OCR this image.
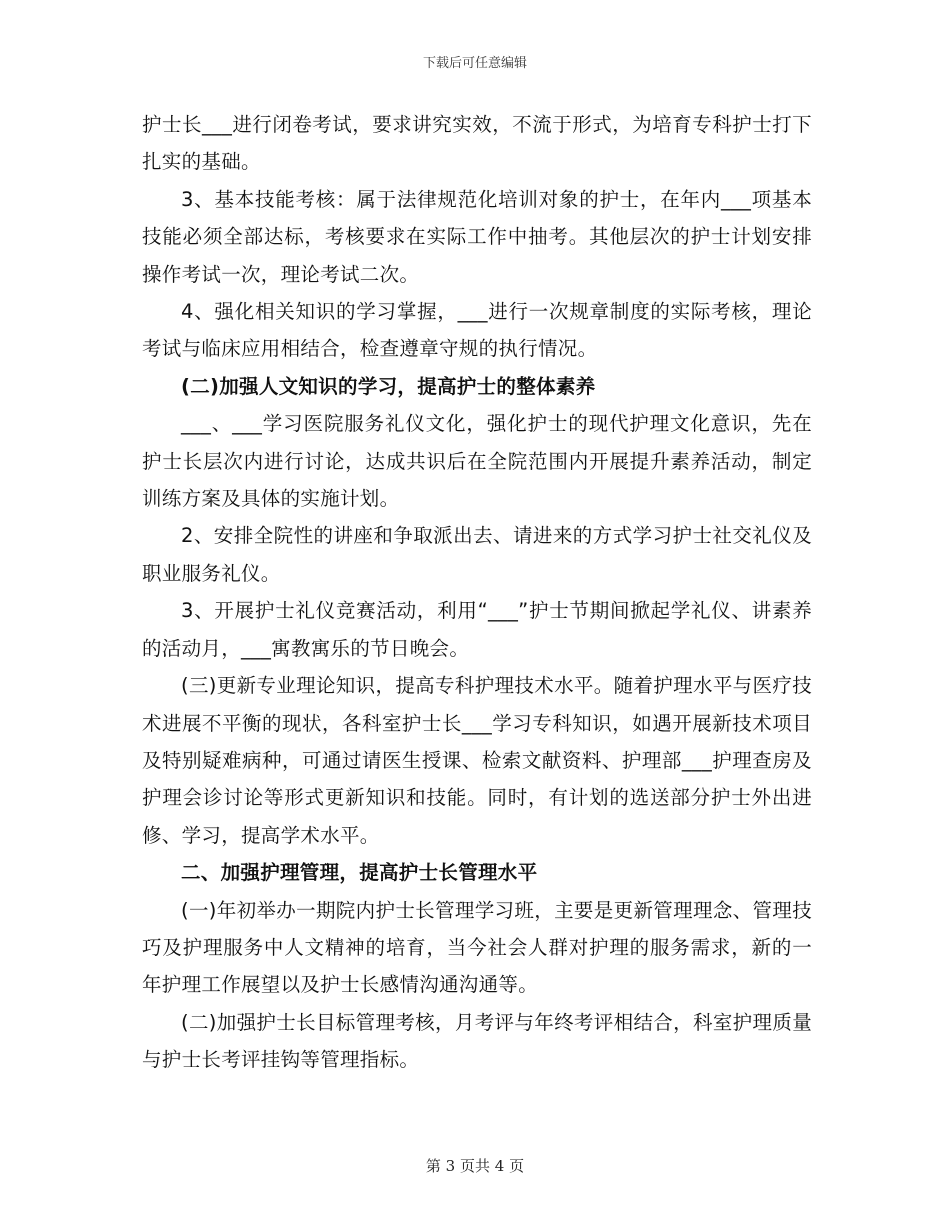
下载后可任意编辑

护士长___进行闭卷考试，要求讲究实效，不流于形式，为培育专科护士打下扎实的基础。

3、基本技能考核：属于法律规范化培训对象的护士，在年内___项基本技能必须全部达标，考核要求在实际工作中抽考。其他层次的护士计划安排操作考试一次，理论考试二次。

4、强化相关知识的学习掌握，___进行一次规章制度的实际考核，理论考试与临床应用相结合，检查遵章守规的执行情况。

(二)加强人文知识的学习，提高护士的整体素养

___、___学习医院服务礼仪文化，强化护士的现代护理文化意识，先在护士长层次内进行讨论，达成共识后在全院范围内开展提升素养活动，制定训练方案及具体的实施计划。

2、安排全院性的讲座和争取派出去、请进来的方式学习护士社交礼仪及职业服务礼仪。

3、开展护士礼仪竞赛活动，利用“___”护士节期间掀起学礼仪、讲素养的活动月，___寓教寓乐的节日晚会。

(三)更新专业理论知识，提高专科护理技术水平。随着护理水平与医疗技术进展不平衡的现状，各科室护士长___学习专科知识，如遇开展新技术项目及特别疑难病种，可通过请医生授课、检索文献资料、护理部___护理查房及护理会诊讨论等形式更新知识和技能。同时，有计划的选送部分护士外出进修、学习，提高学术水平。

二、加强护理管理，提高护士长管理水平

(一)年初举办一期院内护士长管理学习班，主要是更新管理理念、管理技巧及护理服务中人文精神的培育，当今社会人群对护理的服务需求，新的一年护理工作展望以及护士长感情沟通沟通等。

(二)加强护士长目标管理考核，月考评与年终考评相结合，科室护理质量与护士长考评挂钩等管理指标。

第 3 页共 4 页
